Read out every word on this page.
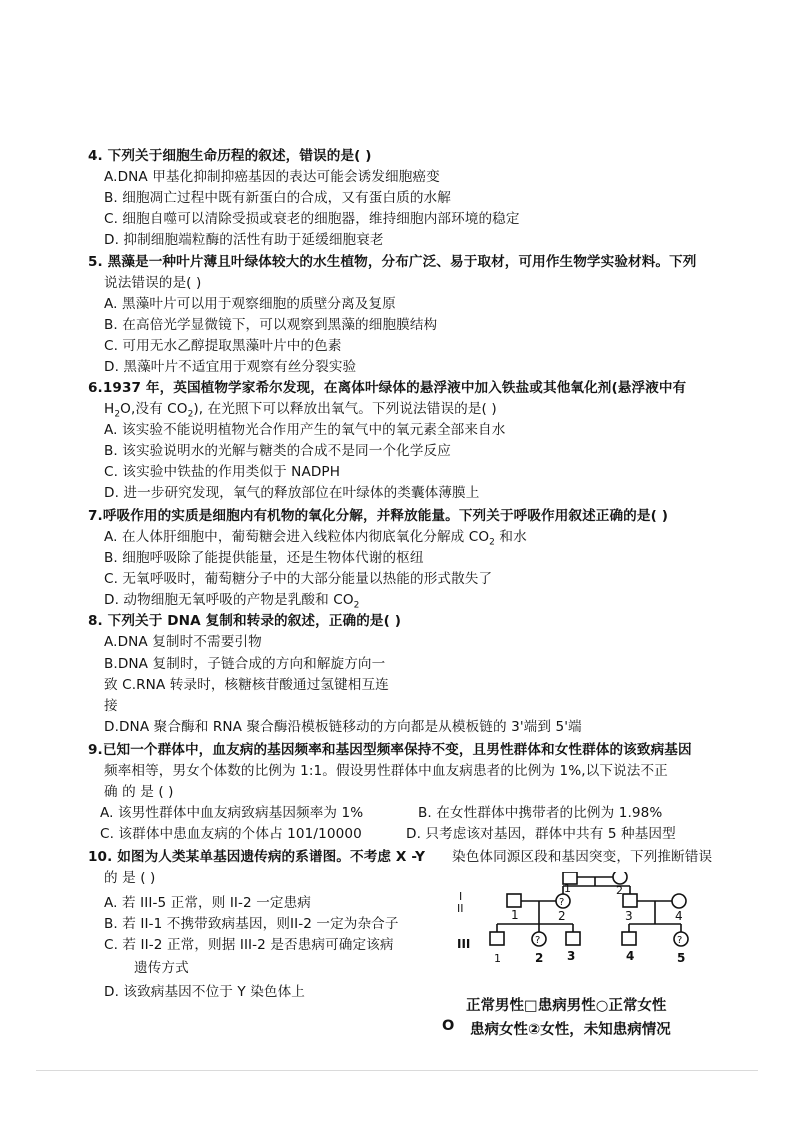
4. 下列关于细胞生命历程的叙述，错误的是( )
A.DNA 甲基化抑制抑癌基因的表达可能会诱发细胞癌变
B. 细胞凋亡过程中既有新蛋白的合成，又有蛋白质的水解
C. 细胞自噬可以清除受损或衰老的细胞器，维持细胞内部环境的稳定
D. 抑制细胞端粒酶的活性有助于延缓细胞衰老
5. 黑藻是一种叶片薄且叶绿体较大的水生植物，分布广泛、易于取材，可用作生物学实验材料。下列
说法错误的是( )
A. 黑藻叶片可以用于观察细胞的质壁分离及复原
B. 在高倍光学显微镜下，可以观察到黑藻的细胞膜结构
C. 可用无水乙醇提取黑藻叶片中的色素
D. 黑藻叶片不适宜用于观察有丝分裂实验
6.1937 年，英国植物学家希尔发现，在离体叶绿体的悬浮液中加入铁盐或其他氧化剂(悬浮液中有
$H_2O$,没有 $CO_2$), 在光照下可以释放出氧气。下列说法错误的是( )
A. 该实验不能说明植物光合作用产生的氧气中的氧元素全部来自水
B. 该实验说明水的光解与糖类的合成不是同一个化学反应
C. 该实验中铁盐的作用类似于 NADPH
D. 进一步研究发现，氧气的释放部位在叶绿体的类囊体薄膜上
7.呼吸作用的实质是细胞内有机物的氧化分解，并释放能量。下列关于呼吸作用叙述正确的是( )
A. 在人体肝细胞中，葡萄糖会进入线粒体内彻底氧化分解成 $CO_2$ 和水
B. 细胞呼吸除了能提供能量，还是生物体代谢的枢纽
C. 无氧呼吸时，葡萄糖分子中的大部分能量以热能的形式散失了
D. 动物细胞无氧呼吸的产物是乳酸和 $CO_2$
8. 下列关于 DNA 复制和转录的叙述，正确的是( )
A.DNA 复制时不需要引物
B.DNA 复制时，子链合成的方向和解旋方向一
致 C.RNA 转录时，核糖核苷酸通过氢键相互连
接
D.DNA 聚合酶和 RNA 聚合酶沿模板链移动的方向都是从模板链的 3'端到 5'端
9.已知一个群体中，血友病的基因频率和基因型频率保持不变，且男性群体和女性群体的该致病基因
频率相等，男女个体数的比例为 1:1。假设男性群体中血友病患者的比例为 1%,以下说法不正
确 的 是 ( )
A. 该男性群体中血友病致病基因频率为 1%	B. 在女性群体中携带者的比例为 1.98%
C. 该群体中患血友病的个体占 101/10000	D. 只考虑该对基因，群体中共有 5 种基因型
10. 如图为人类某单基因遗传病的系谱图。不考虑 X -Y 染色体同源区段和基因突变，下列推断错误
的 是 ( )
A. 若 III-5 正常，则 II-2 一定患病
B. 若 II-1 不携带致病基因，则II-2 一定为杂合子
C. 若 II-2 正常，则据 III-2 是否患病可确定该病
遗传方式
D. 该致病基因不位于 Y 染色体上
I
II
III
1	2
?
1	2	3	4
?	?
1	2 3	4	5
正常男性□患病男性○正常女性
O 患病女性②女性，未知患病情况
